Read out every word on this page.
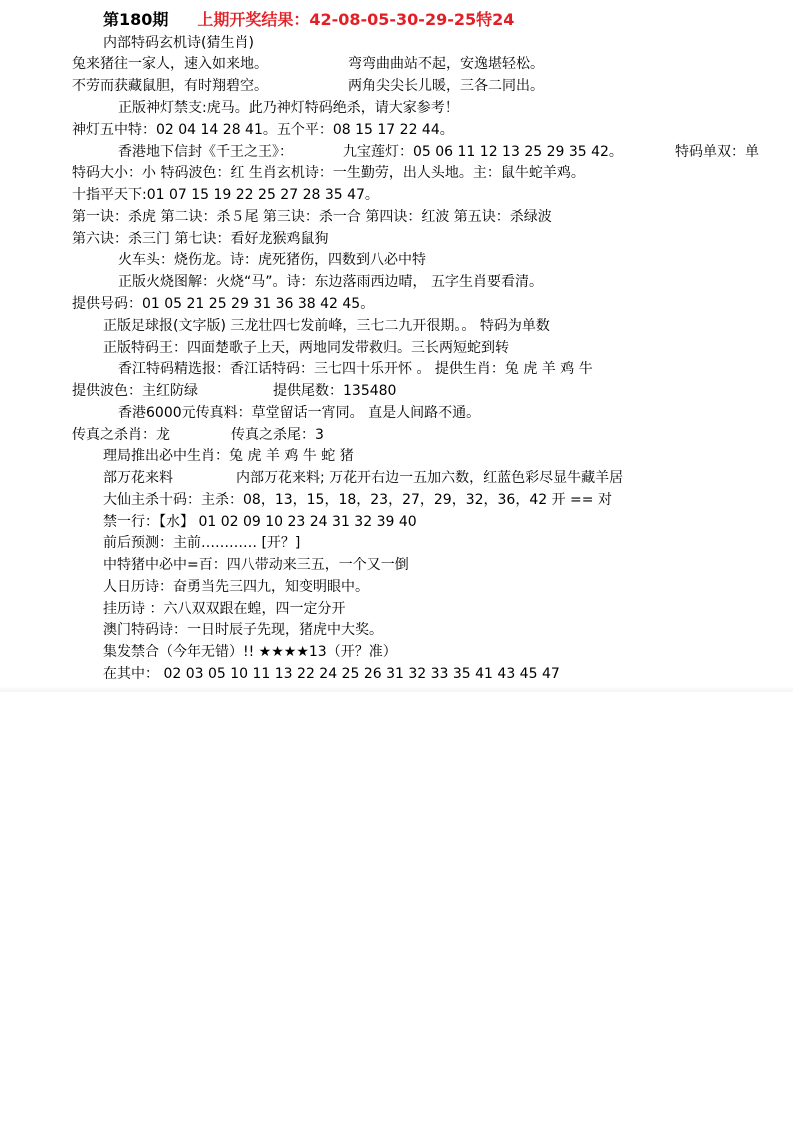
第180期 上期开奖结果：42-08-05-30-29-25特24
内部特码玄机诗(猜生肖)
兔来猪往一家人，速入如来地。	弯弯曲曲站不起，安逸堪轻松。
不劳而获藏鼠胆，有时翔碧空。	两角尖尖长儿暖，三各二同出。
正版神灯禁支:虎马。此乃神灯特码绝杀，请大家参考！
神灯五中特：02 04 14 28 41。五个平：08 15 17 22 44。
香港地下信封《千王之王》：	九宝莲灯：05 06 11 12 13 25 29 35 42。	特码单双：单
特码大小：小 特码波色：红 生肖玄机诗：一生勤劳，出人头地。主：鼠牛蛇羊鸡。
十指平天下:01 07 15 19 22 25 27 28 35 47。
第一诀：杀虎 第二诀：杀５尾 第三诀：杀一合 第四诀：红波 第五诀：杀绿波
第六诀：杀三门 第七诀：看好龙猴鸡鼠狗
火车头：烧伤龙。诗：虎死猪伤，四数到八必中特
正版火烧图解：火烧“马”。诗：东边落雨西边晴， 五字生肖要看清。
提供号码：01 05 21 25 29 31 36 38 42 45。
正版足球报(文字版) 三龙壮四七发前峰，三七二九开很期。。 特码为单数
正版特码王：四面楚歌子上天，两地同发带救归。三长两短蛇到转
香江特码精选报：香江话特码：三七四十乐开怀 。 提供生肖：兔 虎 羊 鸡 牛
提供波色：主红防绿	提供尾数：135480
香港6000元传真料：草堂留话一宵同。 直是人间路不通。
传真之杀肖：龙	传真之杀尾：3
理局推出必中生肖：兔 虎 羊 鸡 牛 蛇 猪
部万花来料	内部万花来料; 万花开右边一五加六数，红蓝色彩尽显牛藏羊居
大仙主杀十码：主杀：08，13，15，18，23，27，29，32，36，42 开 == 对
禁一行：【水】 01 02 09 10 23 24 31 32 39 40
前后预测：主前………… [开？]
中特猪中必中=百：四八带动来三五，一个又一倒
人日历诗：奋勇当先三四九，知变明眼中。
挂历诗 ：六八双双跟在蝗，四一定分开
澳门特码诗：一日时辰子先现，猪虎中大奖。
集发禁合（今年无错）!! ★★★★13（开？准）
在其中： 02 03 05 10 11 13 22 24 25 26 31 32 33 35 41 43 45 47
